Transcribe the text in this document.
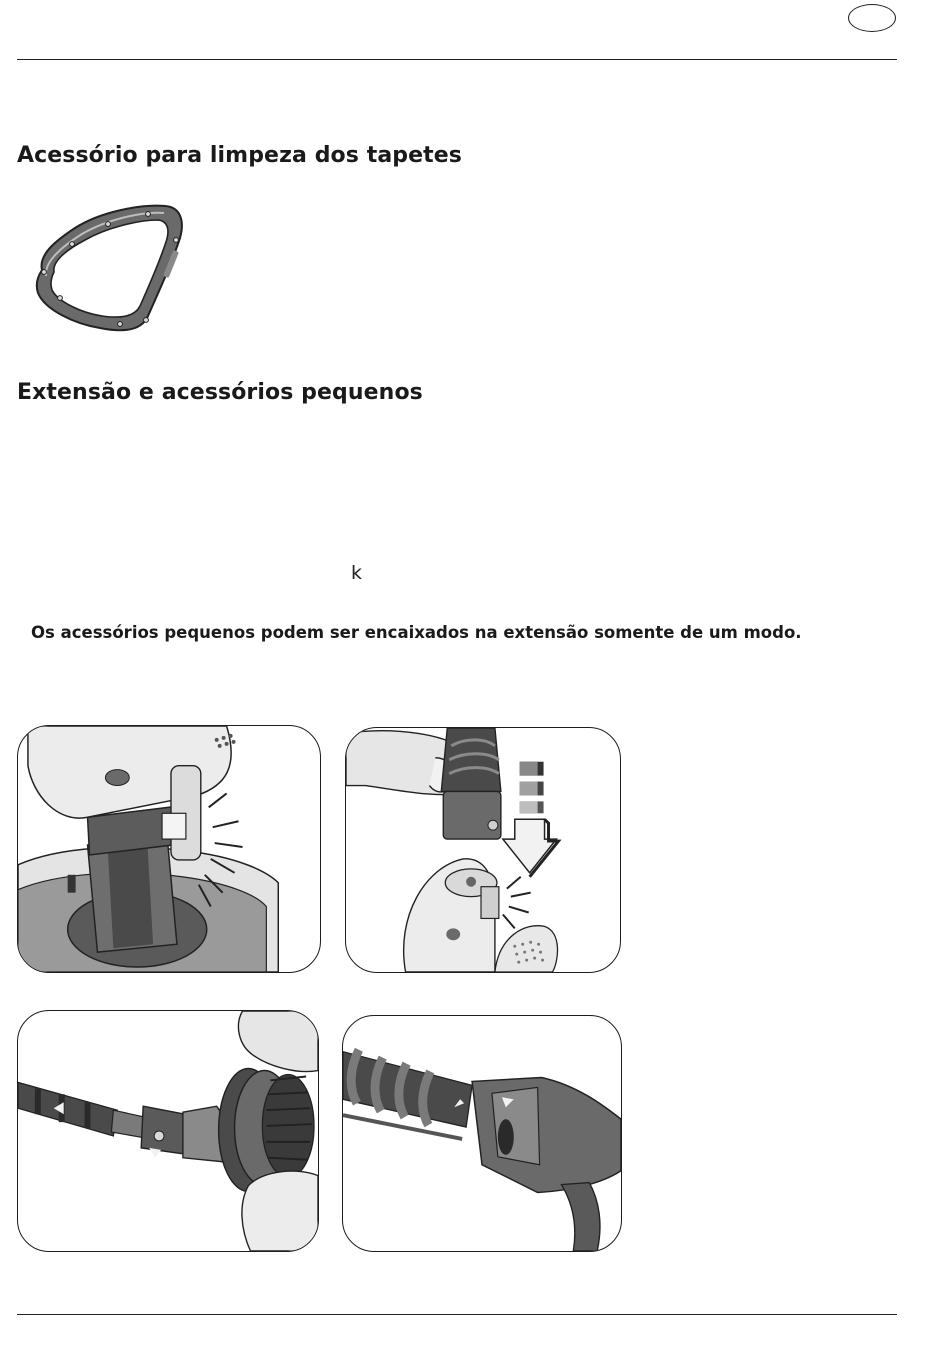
Acessório para limpeza dos tapetes
Extensão e acessórios pequenos
k

Os acessórios pequenos podem ser encaixados na extensão somente de um modo.
